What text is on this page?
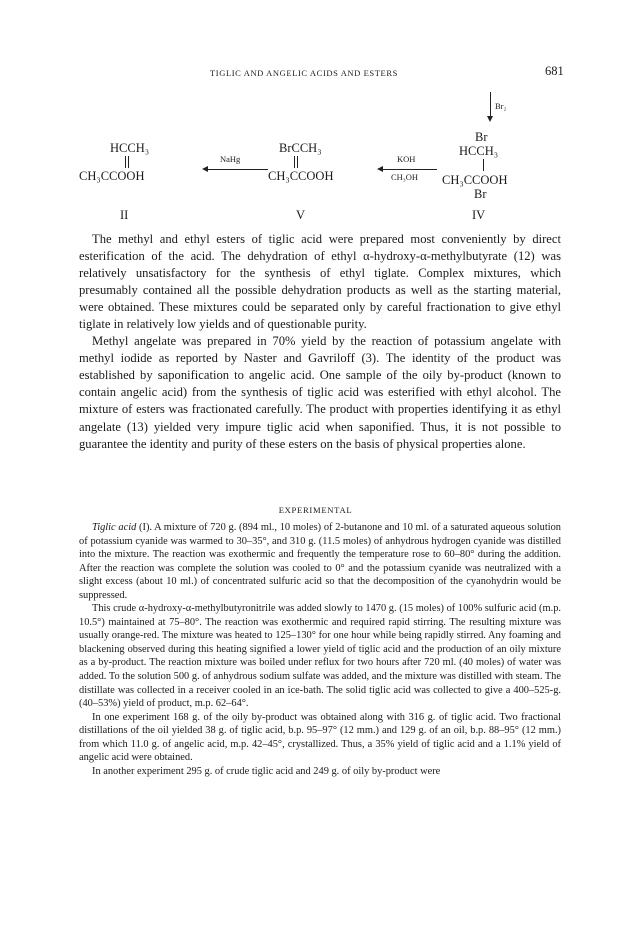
TIGLIC AND ANGELIC ACIDS AND ESTERS	681
HCCH₃
CH₃CCOOH
II
NaHg
BrCCH₃
CH₃CCOOH
V
KOH
CH₃OH
Br₂
Br
HCCH₃
CH₃CCOOH
Br
IV

The methyl and ethyl esters of tiglic acid were prepared most conveniently by direct esterification of the acid. The dehydration of ethyl α-hydroxy-α-methylbutyrate (12) was relatively unsatisfactory for the synthesis of ethyl tiglate. Complex mixtures, which presumably contained all the possible dehydration products as well as the starting material, were obtained. These mixtures could be separated only by careful fractionation to give ethyl tiglate in relatively low yields and of questionable purity.

Methyl angelate was prepared in 70% yield by the reaction of potassium angelate with methyl iodide as reported by Naster and Gavriloff (3). The identity of the product was established by saponification to angelic acid. One sample of the oily by-product (known to contain angelic acid) from the synthesis of tiglic acid was esterified with ethyl alcohol. The mixture of esters was fractionated carefully. The product with properties identifying it as ethyl angelate (13) yielded very impure tiglic acid when saponified. Thus, it is not possible to guarantee the identity and purity of these esters on the basis of physical properties alone.

EXPERIMENTAL

Tiglic acid (I). A mixture of 720 g. (894 ml., 10 moles) of 2-butanone and 10 ml. of a saturated aqueous solution of potassium cyanide was warmed to 30–35°, and 310 g. (11.5 moles) of anhydrous hydrogen cyanide was distilled into the mixture. The reaction was exothermic and frequently the temperature rose to 60–80° during the addition. After the reaction was complete the solution was cooled to 0° and the potassium cyanide was neutralized with a slight excess (about 10 ml.) of concentrated sulfuric acid so that the decomposition of the cyanohydrin would be suppressed.

This crude α-hydroxy-α-methylbutyronitrile was added slowly to 1470 g. (15 moles) of 100% sulfuric acid (m.p. 10.5°) maintained at 75–80°. The reaction was exothermic and required rapid stirring. The resulting mixture was usually orange-red. The mixture was heated to 125–130° for one hour while being rapidly stirred. Any foaming and blackening observed during this heating signified a lower yield of tiglic acid and the production of an oily mixture as a by-product. The reaction mixture was boiled under reflux for two hours after 720 ml. (40 moles) of water was added. To the solution 500 g. of anhydrous sodium sulfate was added, and the mixture was distilled with steam. The distillate was collected in a receiver cooled in an ice-bath. The solid tiglic acid was collected to give a 400–525-g. (40–53%) yield of product, m.p. 62–64°.

In one experiment 168 g. of the oily by-product was obtained along with 316 g. of tiglic acid. Two fractional distillations of the oil yielded 38 g. of tiglic acid, b.p. 95–97° (12 mm.) and 129 g. of an oil, b.p. 88–95° (12 mm.) from which 11.0 g. of angelic acid, m.p. 42–45°, crystallized. Thus, a 35% yield of tiglic acid and a 1.1% yield of angelic acid were obtained.

In another experiment 295 g. of crude tiglic acid and 249 g. of oily by-product were
